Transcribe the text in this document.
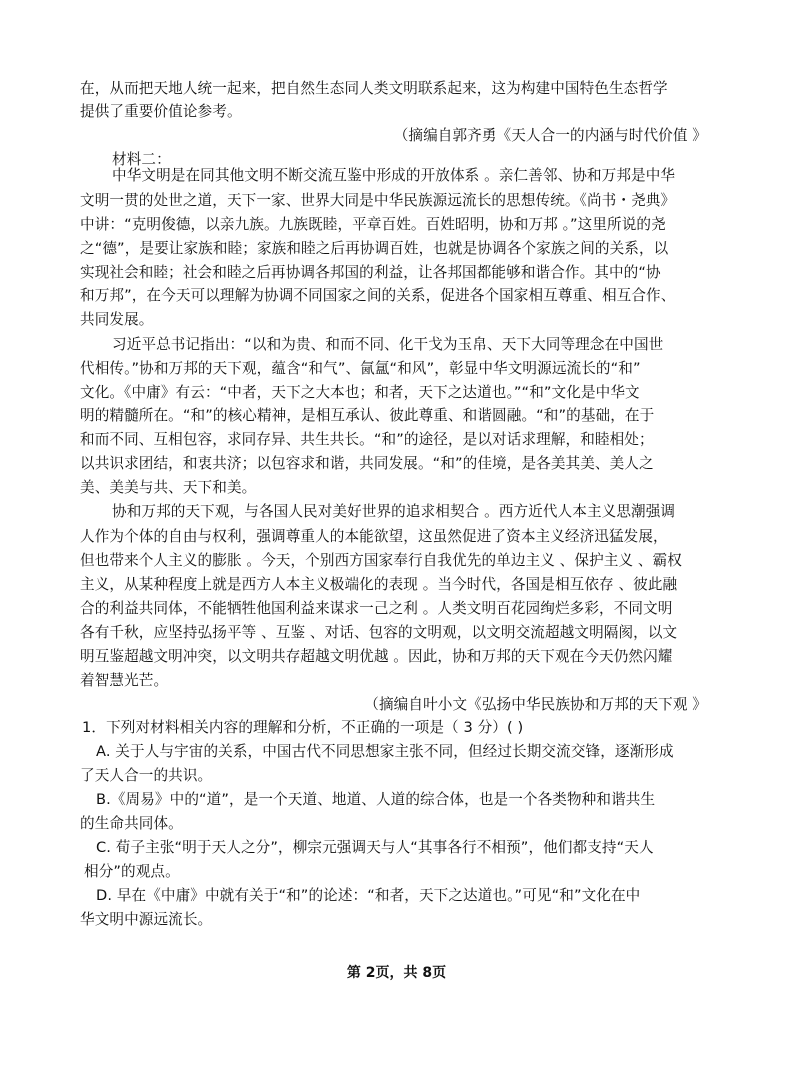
在，从而把天地人统一起来，把自然生态同人类文明联系起来，这为构建中国特色生态哲学
提供了重要价值论参考。
（摘编自郭齐勇《天人合一的内涵与时代价值 》
材料二：
中华文明是在同其他文明不断交流互鉴中形成的开放体系 。亲仁善邻、协和万邦是中华
文明一贯的处世之道，天下一家、世界大同是中华民族源远流长的思想传统。《尚书・尧典》
中讲：“克明俊德，以亲九族。九族既睦，平章百姓。百姓昭明，协和万邦 。”这里所说的尧
之“德”，是要让家族和睦；家族和睦之后再协调百姓，也就是协调各个家族之间的关系，以
实现社会和睦；社会和睦之后再协调各邦国的利益，让各邦国都能够和谐合作。其中的“协
和万邦”，在今天可以理解为协调不同国家之间的关系，促进各个国家相互尊重、相互合作、
共同发展。
习近平总书记指出：“以和为贵、和而不同、化干戈为玉帛、天下大同等理念在中国世
代相传。”协和万邦的天下观，蕴含“和气”、氤氲“和风”，彰显中华文明源远流长的“和”
文化。《中庸》有云：“中者，天下之大本也；和者，天下之达道也。”“和”文化是中华文
明的精髓所在。“和”的核心精神，是相互承认、彼此尊重、和谐圆融。“和”的基础，在于
和而不同、互相包容，求同存异、共生共长。“和”的途径，是以对话求理解，和睦相处；
以共识求团结，和衷共济；以包容求和谐，共同发展。“和”的佳境，是各美其美、美人之
美、美美与共、天下和美。
协和万邦的天下观，与各国人民对美好世界的追求相契合 。西方近代人本主义思潮强调
人作为个体的自由与权利，强调尊重人的本能欲望，这虽然促进了资本主义经济迅猛发展，
但也带来个人主义的膨胀 。今天，个别西方国家奉行自我优先的单边主义 、保护主义 、霸权
主义，从某种程度上就是西方人本主义极端化的表现 。当今时代，各国是相互依存 、彼此融
合的利益共同体，不能牺牲他国利益来谋求一己之利 。人类文明百花园绚烂多彩，不同文明
各有千秋，应坚持弘扬平等 、互鉴 、对话、包容的文明观，以文明交流超越文明隔阂，以文
明互鉴超越文明冲突，以文明共存超越文明优越 。因此，协和万邦的天下观在今天仍然闪耀
着智慧光芒。
（摘编自叶小文《弘扬中华民族协和万邦的天下观 》
1．下列对材料相关内容的理解和分析，不正确的一项是（ 3 分）( )
A. 关于人与宇宙的关系，中国古代不同思想家主张不同，但经过长期交流交锋，逐渐形成
了天人合一的共识。
B.《周易》中的“道”，是一个天道、地道、人道的综合体，也是一个各类物种和谐共生
的生命共同体。
C. 荀子主张“明于天人之分”，柳宗元强调天与人“其事各行不相预”，他们都支持“天人
相分”的观点。
D. 早在《中庸》中就有关于“和”的论述：“和者，天下之达道也。”可见“和”文化在中
华文明中源远流长。
第 2页，共 8页
